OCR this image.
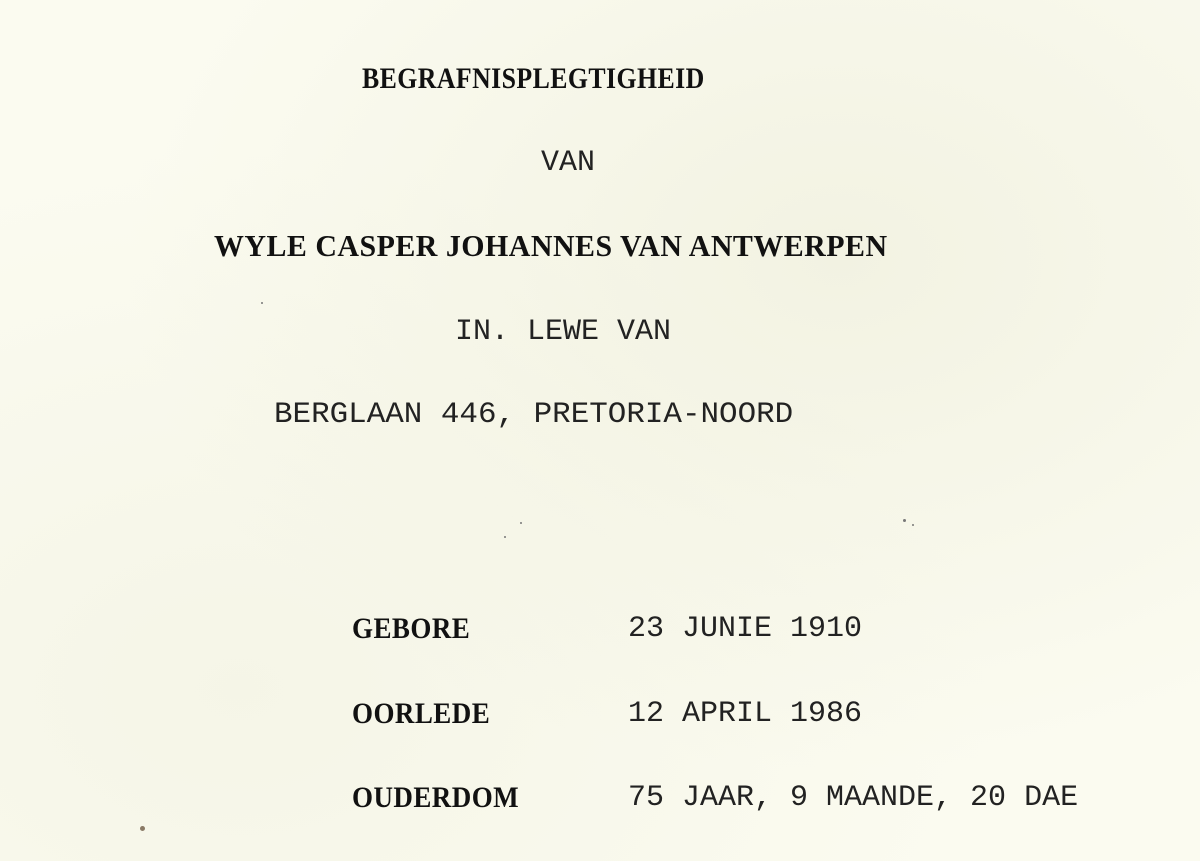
BEGRAFNISPLEGTIGHEID
VAN
WYLE CASPER JOHANNES VAN ANTWERPEN
IN. LEWE VAN
BERGLAAN 446, PRETORIA-NOORD
GEBORE	23 JUNIE 1910
OORLEDE	12 APRIL 1986
OUDERDOM	75 JAAR, 9 MAANDE, 20 DAE
